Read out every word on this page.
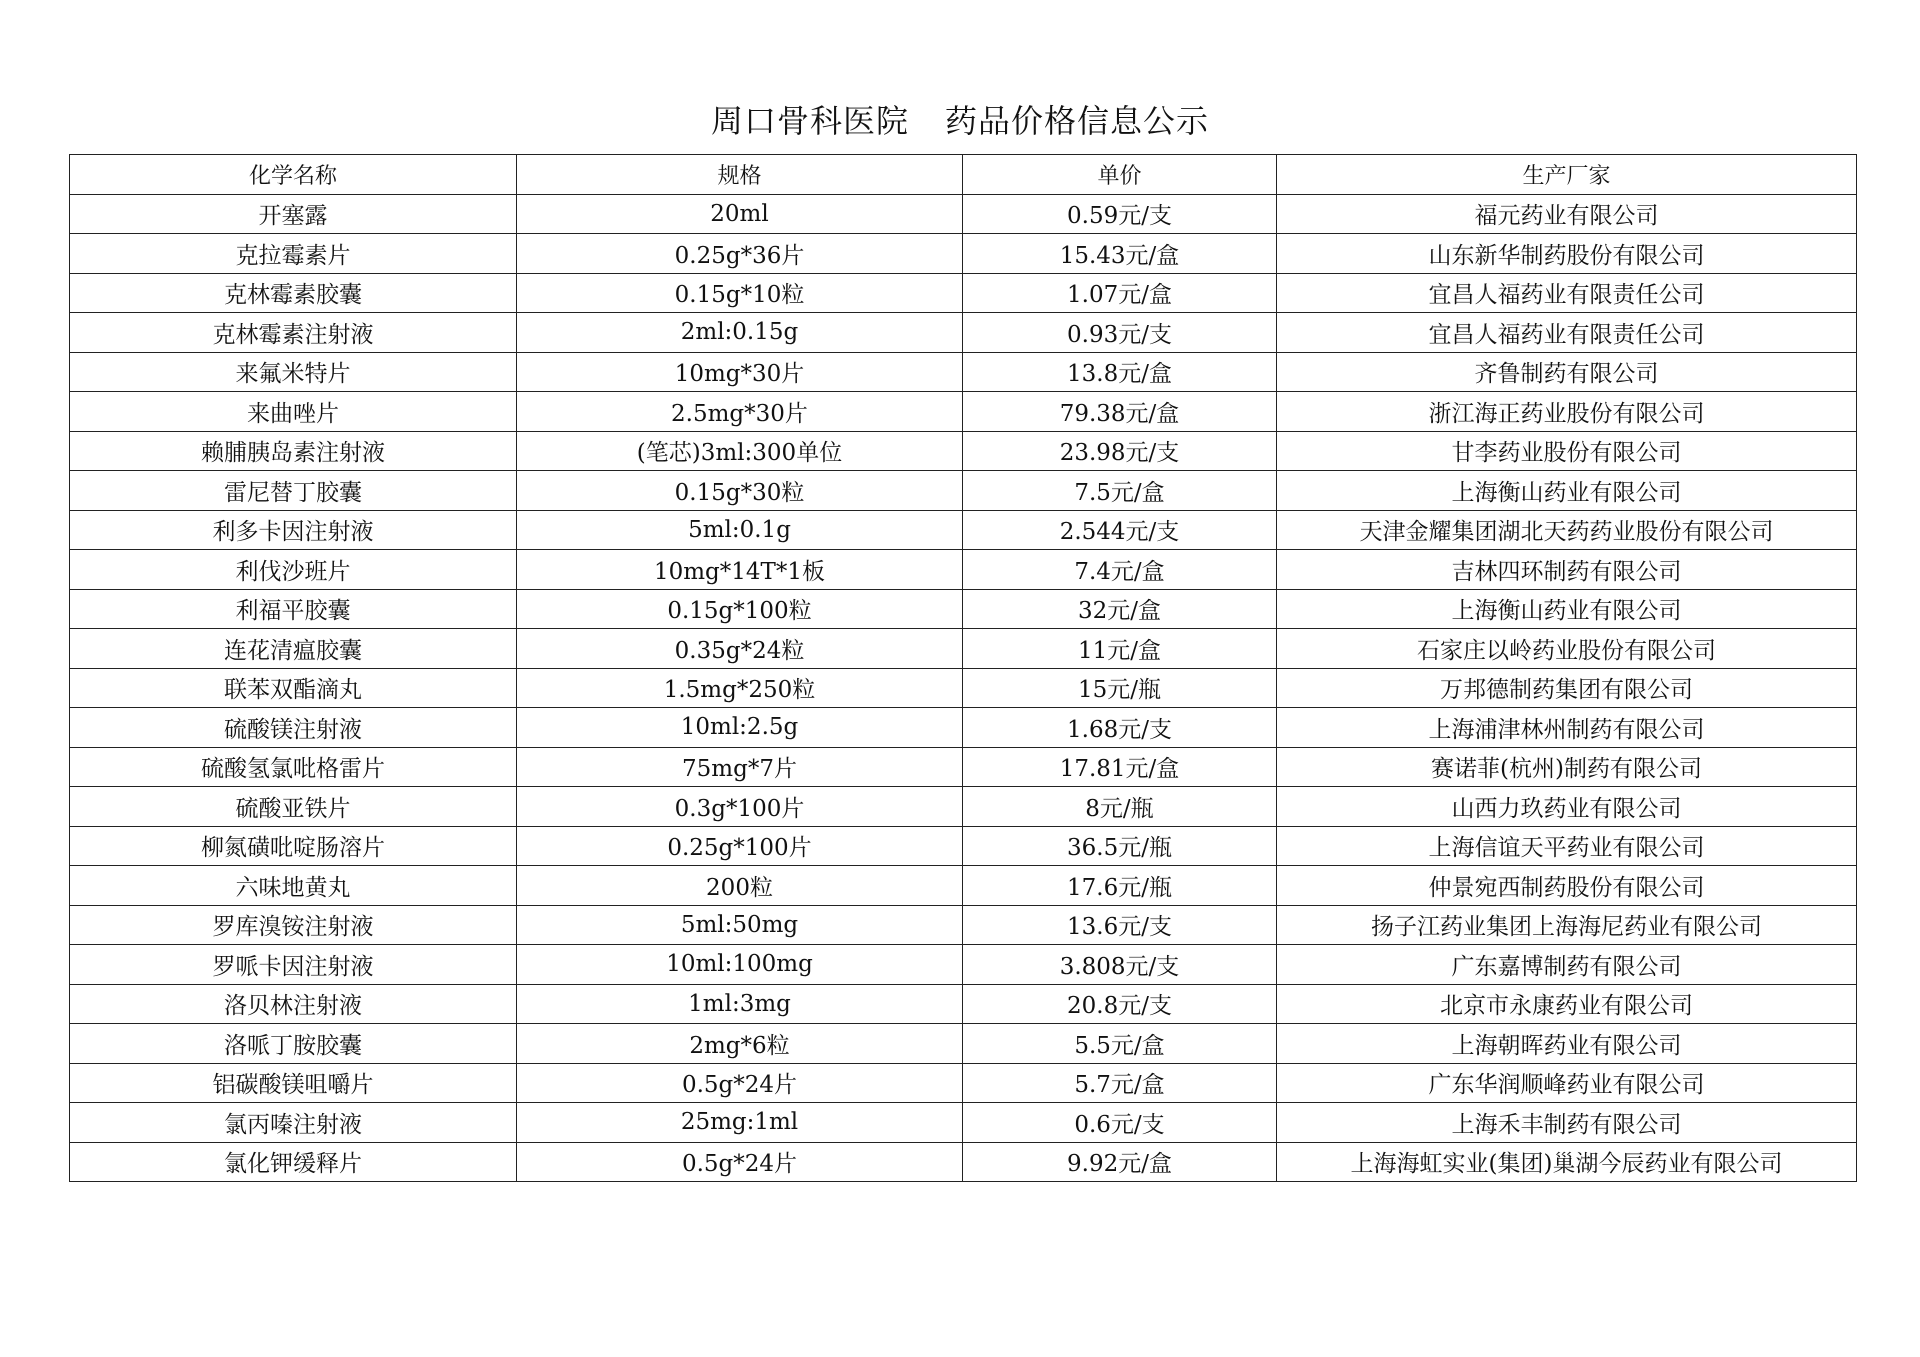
周口骨科医院 药品价格信息公示
化学名称	规格	单价	生产厂家
开塞露	20ml	0.59元/支	福元药业有限公司
克拉霉素片	0.25g*36片	15.43元/盒	山东新华制药股份有限公司
克林霉素胶囊	0.15g*10粒	1.07元/盒	宜昌人福药业有限责任公司
克林霉素注射液	2ml:0.15g	0.93元/支	宜昌人福药业有限责任公司
来氟米特片	10mg*30片	13.8元/盒	齐鲁制药有限公司
来曲唑片	2.5mg*30片	79.38元/盒	浙江海正药业股份有限公司
赖脯胰岛素注射液	(笔芯)3ml:300单位	23.98元/支	甘李药业股份有限公司
雷尼替丁胶囊	0.15g*30粒	7.5元/盒	上海衡山药业有限公司
利多卡因注射液	5ml:0.1g	2.544元/支	天津金耀集团湖北天药药业股份有限公司
利伐沙班片	10mg*14T*1板	7.4元/盒	吉林四环制药有限公司
利福平胶囊	0.15g*100粒	32元/盒	上海衡山药业有限公司
连花清瘟胶囊	0.35g*24粒	11元/盒	石家庄以岭药业股份有限公司
联苯双酯滴丸	1.5mg*250粒	15元/瓶	万邦德制药集团有限公司
硫酸镁注射液	10ml:2.5g	1.68元/支	上海浦津林州制药有限公司
硫酸氢氯吡格雷片	75mg*7片	17.81元/盒	赛诺菲(杭州)制药有限公司
硫酸亚铁片	0.3g*100片	8元/瓶	山西力玖药业有限公司
柳氮磺吡啶肠溶片	0.25g*100片	36.5元/瓶	上海信谊天平药业有限公司
六味地黄丸	200粒	17.6元/瓶	仲景宛西制药股份有限公司
罗库溴铵注射液	5ml:50mg	13.6元/支	扬子江药业集团上海海尼药业有限公司
罗哌卡因注射液	10ml:100mg	3.808元/支	广东嘉博制药有限公司
洛贝林注射液	1ml:3mg	20.8元/支	北京市永康药业有限公司
洛哌丁胺胶囊	2mg*6粒	5.5元/盒	上海朝晖药业有限公司
铝碳酸镁咀嚼片	0.5g*24片	5.7元/盒	广东华润顺峰药业有限公司
氯丙嗪注射液	25mg:1ml	0.6元/支	上海禾丰制药有限公司
氯化钾缓释片	0.5g*24片	9.92元/盒	上海海虹实业(集团)巢湖今辰药业有限公司
